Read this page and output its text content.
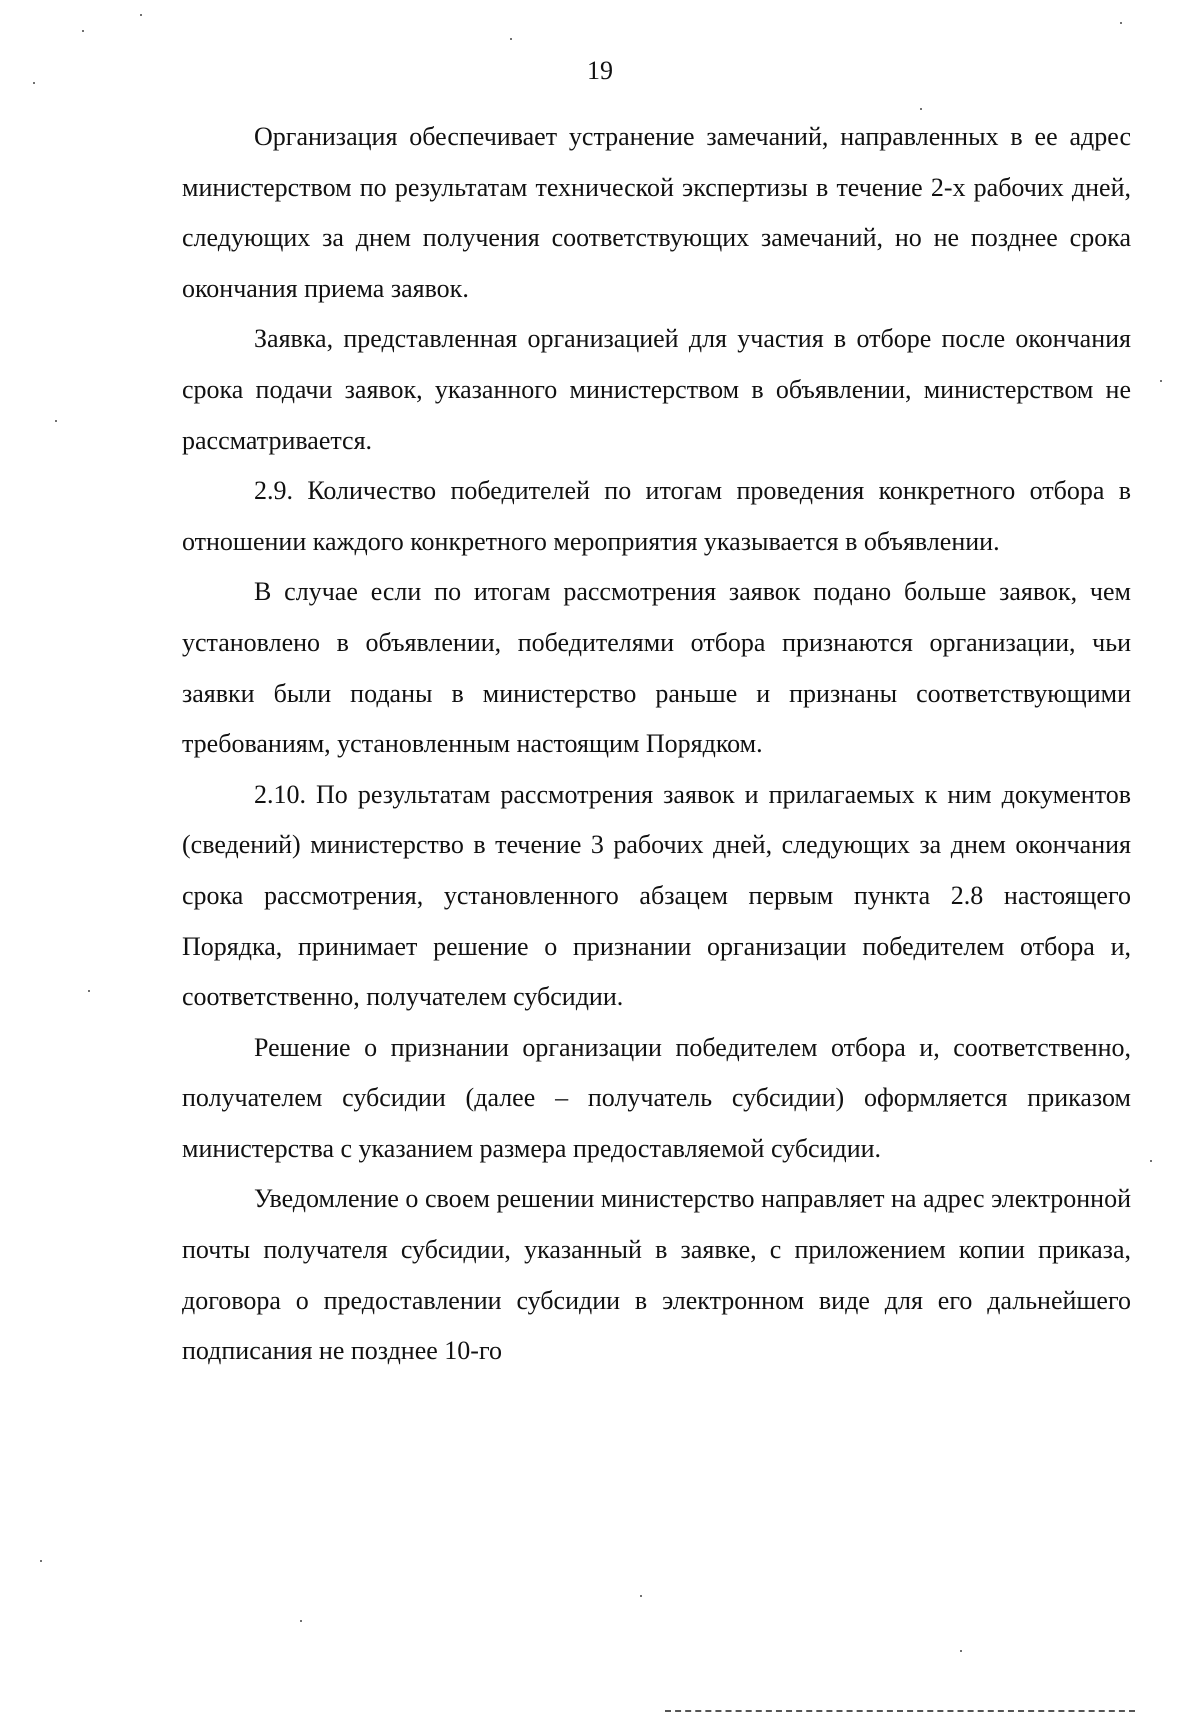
19

Организация обеспечивает устранение замечаний, направленных в ее адрес министерством по результатам технической экспертизы в течение 2-х рабочих дней, следующих за днем получения соответствующих замечаний, но не позднее срока окончания приема заявок.

Заявка, представленная организацией для участия в отборе после окончания срока подачи заявок, указанного министерством в объявлении, министерством не рассматривается.

2.9. Количество победителей по итогам проведения конкретного отбора в отношении каждого конкретного мероприятия указывается в объявлении.

В случае если по итогам рассмотрения заявок подано больше заявок, чем установлено в объявлении, победителями отбора признаются организации, чьи заявки были поданы в министерство раньше и признаны соответствующими требованиям, установленным настоящим Порядком.

2.10. По результатам рассмотрения заявок и прилагаемых к ним документов (сведений) министерство в течение 3 рабочих дней, следующих за днем окончания срока рассмотрения, установленного абзацем первым пункта 2.8 настоящего Порядка, принимает решение о признании организации победителем отбора и, соответственно, получателем субсидии.

Решение о признании организации победителем отбора и, соответственно, получателем субсидии (далее – получатель субсидии) оформляется приказом министерства с указанием размера предоставляемой субсидии.

Уведомление о своем решении министерство направляет на адрес электронной почты получателя субсидии, указанный в заявке, с приложением копии приказа, договора о предоставлении субсидии в электронном виде для его дальнейшего подписания не позднее 10-го
